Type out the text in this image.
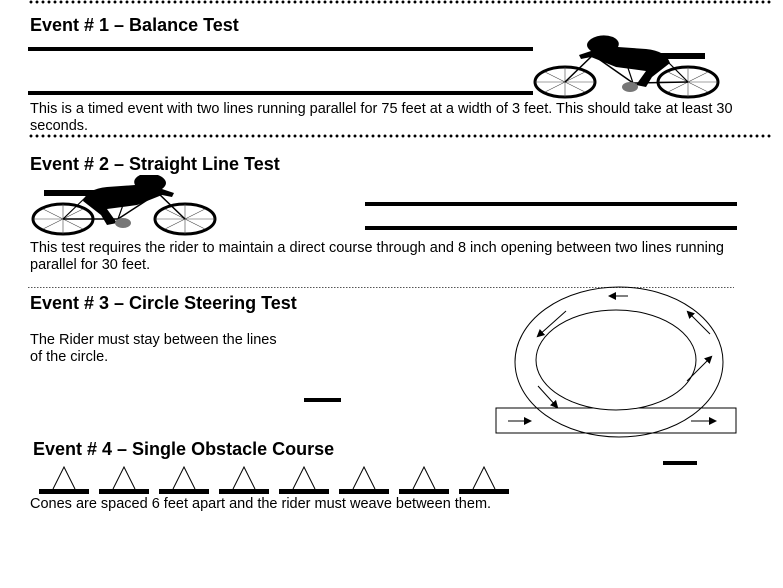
Event # 1 – Balance Test
This is a timed event with two lines running parallel for 75 feet at a width of 3 feet. This should take at least 30 seconds.
Event # 2 – Straight Line Test
This test requires the rider to maintain a direct course through and 8 inch opening between two lines running parallel for 30 feet.
Event # 3 – Circle Steering Test
The Rider must stay between the lines
of the circle.
Event # 4 – Single Obstacle Course
Cones are spaced 6 feet apart and the rider must weave between them.
